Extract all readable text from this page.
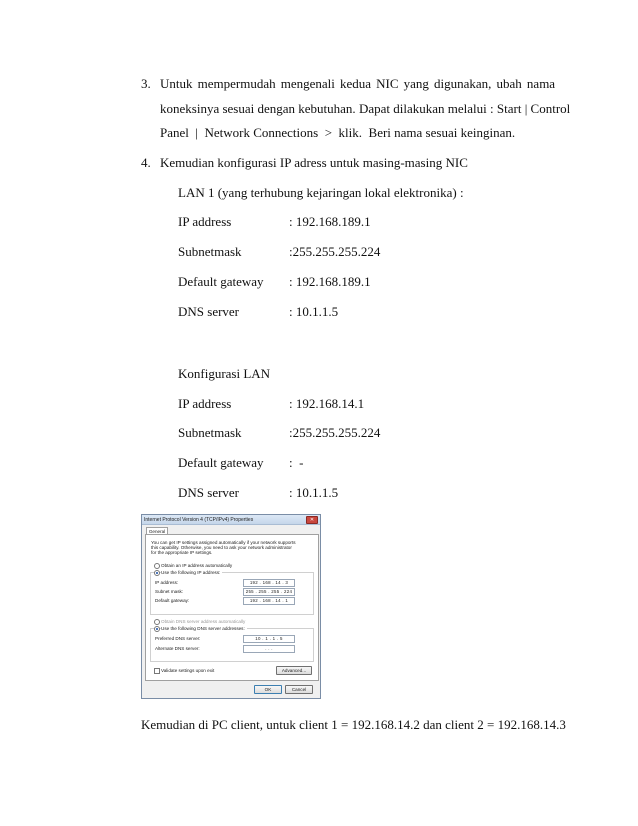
3. Untuk mempermudah mengenali kedua NIC yang digunakan, ubah nama
koneksinya sesuai dengan kebutuhan. Dapat dilakukan melalui : Start | Control
Panel  |  Network Connections  >  klik.  Beri nama sesuai keinginan.
4. Kemudian konfigurasi IP adress untuk masing-masing NIC
LAN 1 (yang terhubung kejaringan lokal elektronika) :
IP address	: 192.168.189.1
Subnetmask	:255.255.255.224
Default gateway : 192.168.189.1
DNS server	: 10.1.1.5
Konfigurasi LAN
IP address	: 192.168.14.1
Subnetmask	:255.255.255.224
Default gateway :  -
DNS server	: 10.1.1.5
Internet Protocol Version 4 (TCP/IPv4) Properties	✕
General
You can get IP settings assigned automatically if your network supports
this capability. Otherwise, you need to ask your network administrator
for the appropriate IP settings.
Obtain an IP address automatically
Use the following IP address:
IP address:	192 . 168 . 14 . 3
Subnet mask:	255 . 255 . 255 . 224
Default gateway:	192 . 168 . 14 . 1
Obtain DNS server address automatically
Use the following DNS server addresses:
Preferred DNS server:	10 . 1 . 1 . 5
Alternate DNS server:	. . .
Validate settings upon exit	Advanced...
OK	Cancel
Kemudian di PC client, untuk client 1 = 192.168.14.2 dan client 2 = 192.168.14.3
